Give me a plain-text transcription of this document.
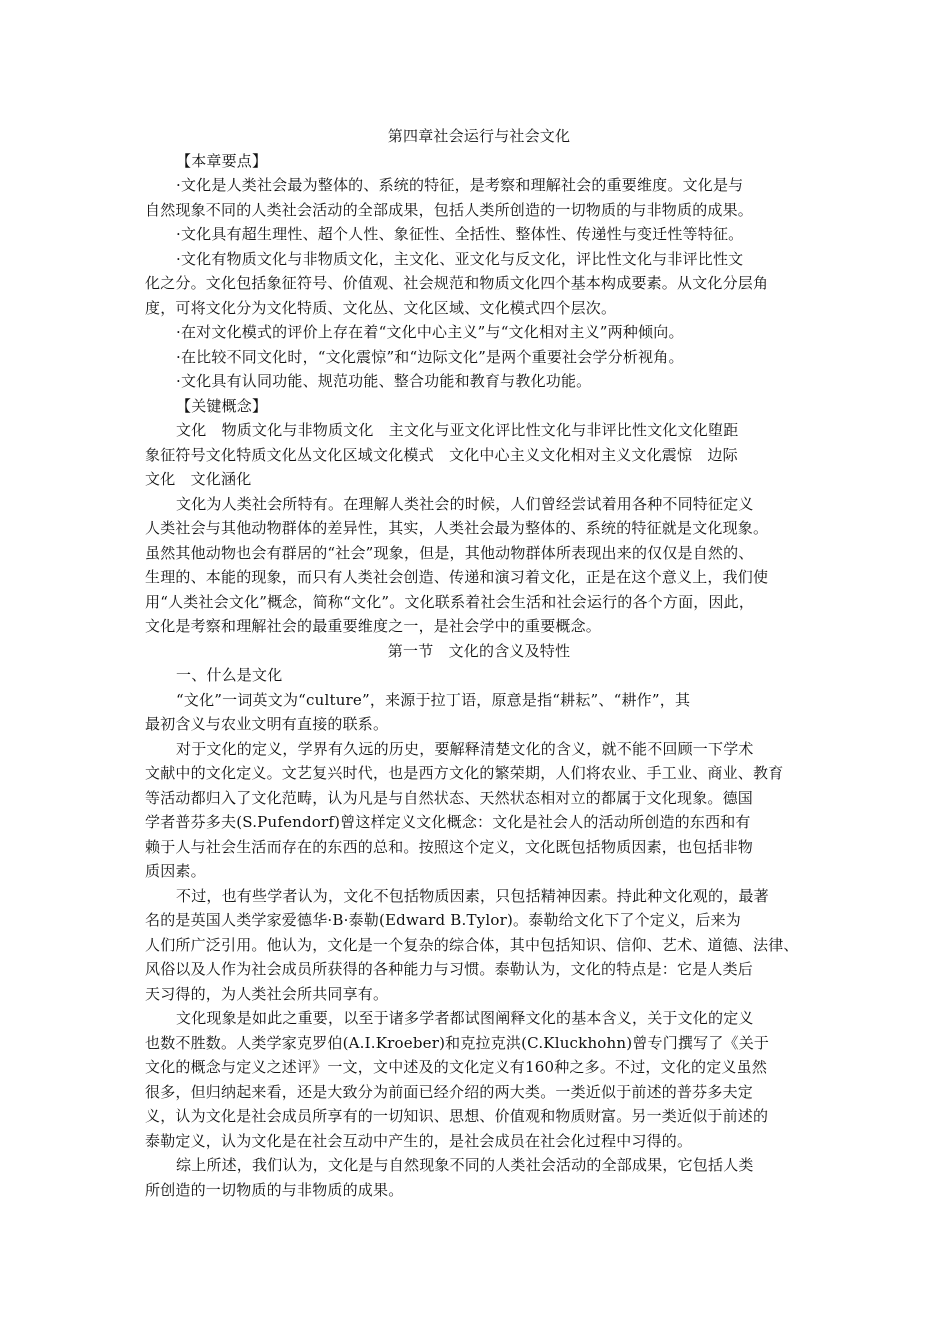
第四章社会运行与社会文化
【本章要点】
·文化是人类社会最为整体的、系统的特征，是考察和理解社会的重要维度。文化是与
自然现象不同的人类社会活动的全部成果，包括人类所创造的一切物质的与非物质的成果。
·文化具有超生理性、超个人性、象征性、全括性、整体性、传递性与变迁性等特征。
·文化有物质文化与非物质文化，主文化、亚文化与反文化，评比性文化与非评比性文
化之分。文化包括象征符号、价值观、社会规范和物质文化四个基本构成要素。从文化分层角
度，可将文化分为文化特质、文化丛、文化区域、文化模式四个层次。
·在对文化模式的评价上存在着“文化中心主义”与“文化相对主义”两种倾向。
·在比较不同文化时，“文化震惊”和“边际文化”是两个重要社会学分析视角。
·文化具有认同功能、规范功能、整合功能和教育与教化功能。
【关键概念】
文化　物质文化与非物质文化　主文化与亚文化评比性文化与非评比性文化文化堕距
象征符号文化特质文化丛文化区域文化模式　文化中心主义文化相对主义文化震惊　边际
文化　文化涵化
文化为人类社会所特有。在理解人类社会的时候，人们曾经尝试着用各种不同特征定义
人类社会与其他动物群体的差异性，其实，人类社会最为整体的、系统的特征就是文化现象。
虽然其他动物也会有群居的“社会”现象，但是，其他动物群体所表现出来的仅仅是自然的、
生理的、本能的现象，而只有人类社会创造、传递和演习着文化，正是在这个意义上，我们使
用“人类社会文化”概念，简称“文化”。文化联系着社会生活和社会运行的各个方面，因此，
文化是考察和理解社会的最重要维度之一，是社会学中的重要概念。
第一节　文化的含义及特性
一、什么是文化
“文化”一词英文为“culture”，来源于拉丁语，原意是指“耕耘”、“耕作”，其
最初含义与农业文明有直接的联系。
对于文化的定义，学界有久远的历史，要解释清楚文化的含义，就不能不回顾一下学术
文献中的文化定义。文艺复兴时代，也是西方文化的繁荣期，人们将农业、手工业、商业、教育
等活动都归入了文化范畴，认为凡是与自然状态、天然状态相对立的都属于文化现象。德国
学者普芬多夫(S.Pufendorf)曾这样定义文化概念：文化是社会人的活动所创造的东西和有
赖于人与社会生活而存在的东西的总和。按照这个定义，文化既包括物质因素，也包括非物
质因素。
不过，也有些学者认为，文化不包括物质因素，只包括精神因素。持此种文化观的，最著
名的是英国人类学家爱德华·B·泰勒(Edward B.Tylor)。泰勒给文化下了个定义，后来为
人们所广泛引用。他认为，文化是一个复杂的综合体，其中包括知识、信仰、艺术、道德、法律、
风俗以及人作为社会成员所获得的各种能力与习惯。泰勒认为，文化的特点是：它是人类后
天习得的，为人类社会所共同享有。
文化现象是如此之重要，以至于诸多学者都试图阐释文化的基本含义，关于文化的定义
也数不胜数。人类学家克罗伯(A.I.Kroeber)和克拉克洪(C.Kluckhohn)曾专门撰写了《关于
文化的概念与定义之述评》一文，文中述及的文化定义有160种之多。不过，文化的定义虽然
很多，但归纳起来看，还是大致分为前面已经介绍的两大类。一类近似于前述的普芬多夫定
义，认为文化是社会成员所享有的一切知识、思想、价值观和物质财富。另一类近似于前述的
泰勒定义，认为文化是在社会互动中产生的，是社会成员在社会化过程中习得的。
综上所述，我们认为，文化是与自然现象不同的人类社会活动的全部成果，它包括人类
所创造的一切物质的与非物质的成果。
